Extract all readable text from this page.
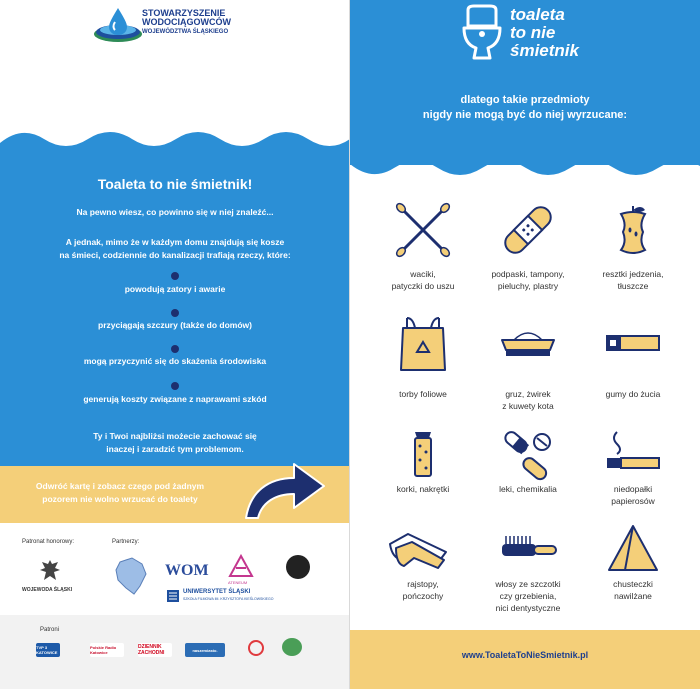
STOWARZYSZENIE
WODOCIĄGOWCÓW
WOJEWÓDZTWA ŚLĄSKIEGO
Toaleta to nie śmietnik!
Na pewno wiesz, co powinno się w niej znaleźć...
A jednak, mimo że w każdym domu znajdują się kosze
na śmieci, codziennie do kanalizacji trafiają rzeczy, które:
powodują zatory i awarie
przyciągają szczury (także do domów)
mogą przyczynić się do skażenia środowiska
generują koszty związane z naprawami szkód
Ty i Twoi najbliżsi możecie zachować się
inaczej i zaradzić tym problemom.
Odwróć kartę i zobacz czego pod żadnym
pozorem nie wolno wrzucać do toalety
Patronat honorowy:	Partnerzy:
WOJEWODA ŚLĄSKI
WOM
ATENEUM
UNIWERSYTET ŚLĄSKI
SZKOŁA FILMOWA IM. KRZYSZTOFA KIEŚLOWSKIEGO
Patroni
TVP 3 KATOWICE
Polskie Radio Katowice
DZIENNIK ZACHODNI	naszemiasto.
toaleta
to nie
śmietnik
dlatego takie przedmioty
nigdy nie mogą być do niej wyrzucane:
waciki,
patyczki do uszu
podpaski, tampony,
pieluchy, plastry
resztki jedzenia,
tłuszcze
torby foliowe	gruz, żwirek
z kuwety kota
gumy do żucia
korki, nakrętki	leki, chemikalia	niedopałki
papierosów
rajstopy,
pończochy
włosy ze szczotki
czy grzebienia,
nici dentystyczne
chusteczki
nawilżane
www.ToaletaToNieSmietnik.pl
